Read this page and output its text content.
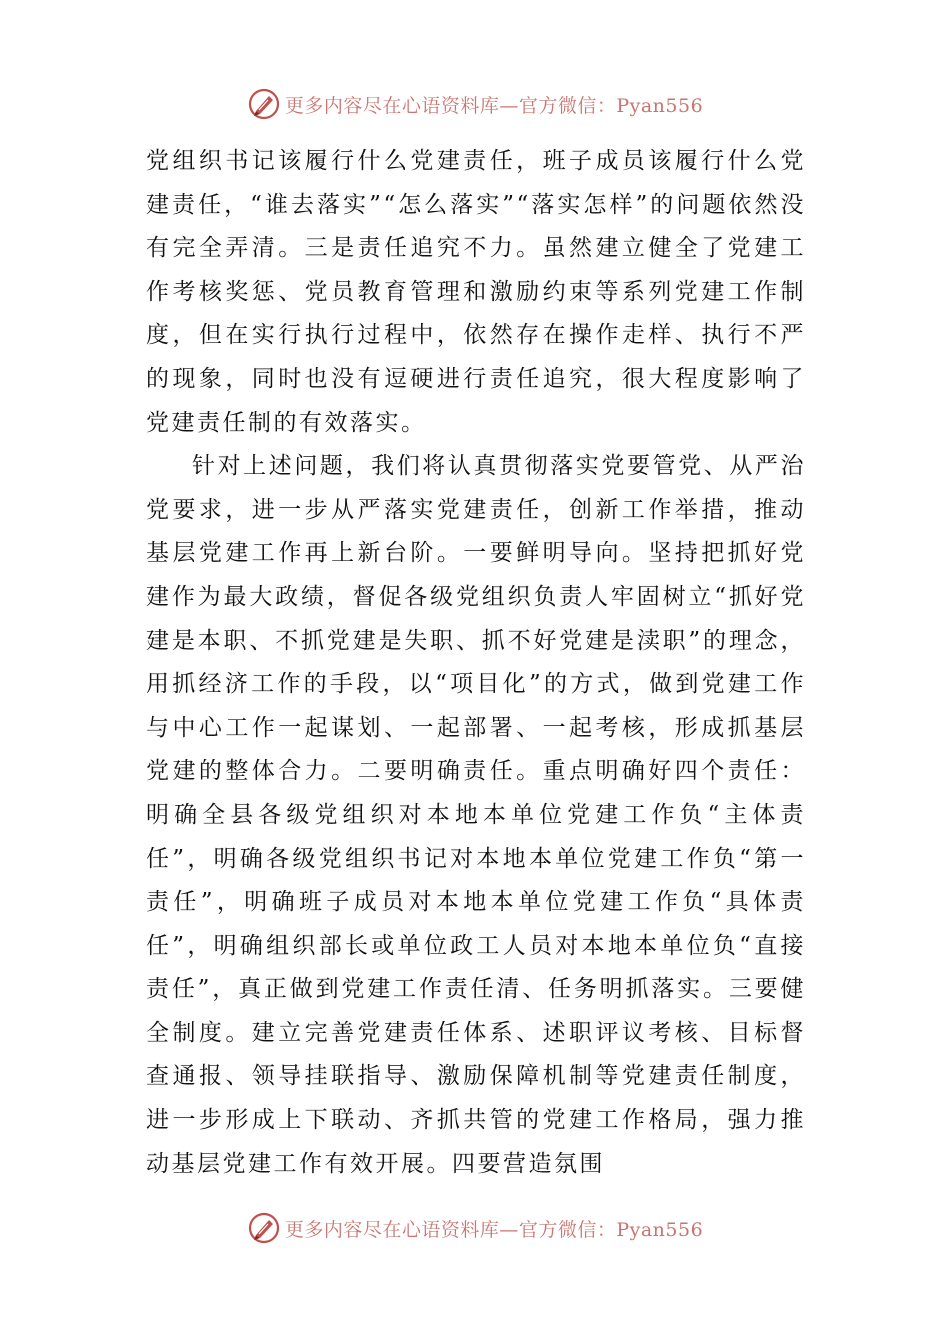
更多内容尽在心语资料库—官方微信：Pyan556

党组织书记该履行什么党建责任，班子成员该履行什么党建责任，“谁去落实”“怎么落实”“落实怎样”的问题依然没有完全弄清。三是责任追究不力。虽然建立健全了党建工作考核奖惩、党员教育管理和激励约束等系列党建工作制度，但在实行执行过程中，依然存在操作走样、执行不严的现象，同时也没有逗硬进行责任追究，很大程度影响了党建责任制的有效落实。

针对上述问题，我们将认真贯彻落实党要管党、从严治党要求，进一步从严落实党建责任，创新工作举措，推动基层党建工作再上新台阶。一要鲜明导向。坚持把抓好党建作为最大政绩，督促各级党组织负责人牢固树立“抓好党建是本职、不抓党建是失职、抓不好党建是渎职”的理念，用抓经济工作的手段，以“项目化”的方式，做到党建工作与中心工作一起谋划、一起部署、一起考核，形成抓基层党建的整体合力。二要明确责任。重点明确好四个责任：明确全县各级党组织对本地本单位党建工作负“主体责任”，明确各级党组织书记对本地本单位党建工作负“第一责任”，明确班子成员对本地本单位党建工作负“具体责任”，明确组织部长或单位政工人员对本地本单位负“直接责任”，真正做到党建工作责任清、任务明抓落实。三要健全制度。建立完善党建责任体系、述职评议考核、目标督查通报、领导挂联指导、激励保障机制等党建责任制度，进一步形成上下联动、齐抓共管的党建工作格局，强力推动基层党建工作有效开展。四要营造氛围

更多内容尽在心语资料库—官方微信：Pyan556
